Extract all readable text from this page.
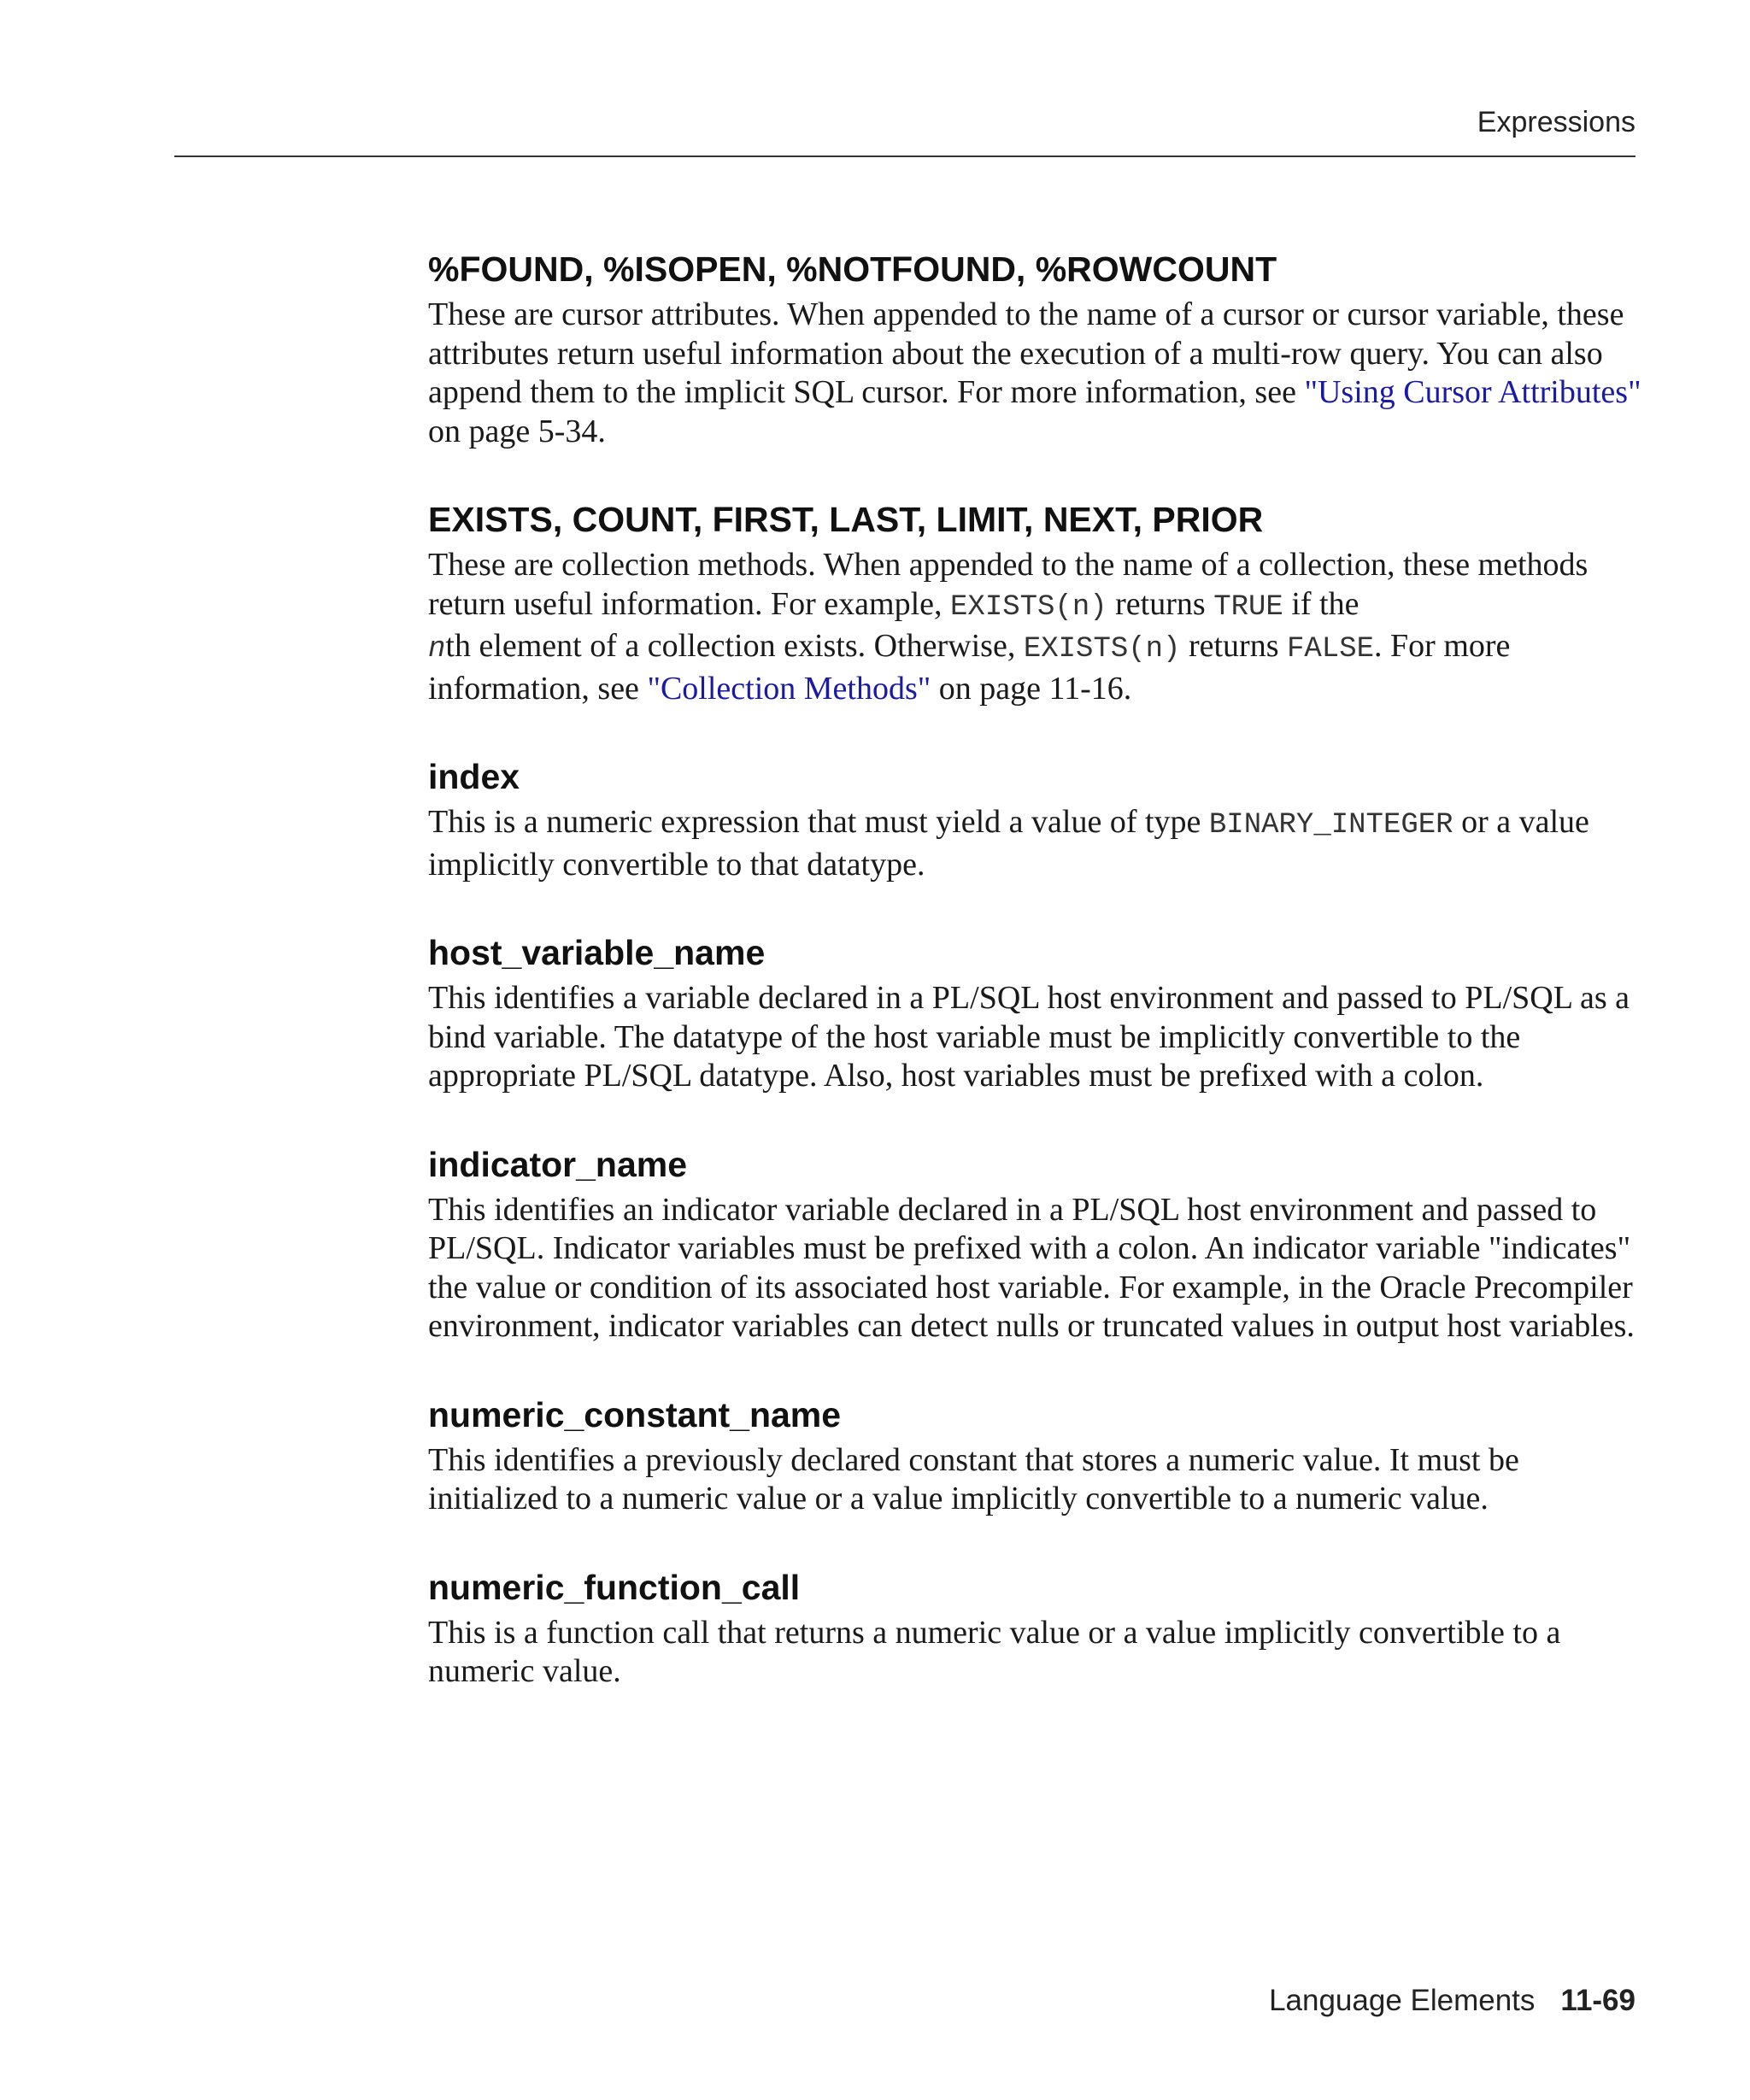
Expressions
%FOUND, %ISOPEN, %NOTFOUND, %ROWCOUNT

These are cursor attributes. When appended to the name of a cursor or cursor variable, these attributes return useful information about the execution of a multi-row query. You can also append them to the implicit SQL cursor. For more information, see "Using Cursor Attributes" on page 5-34.

EXISTS, COUNT, FIRST, LAST, LIMIT, NEXT, PRIOR

These are collection methods. When appended to the name of a collection, these methods return useful information. For example, EXISTS(n) returns TRUE if the
nth element of a collection exists. Otherwise, EXISTS(n) returns FALSE. For more information, see "Collection Methods" on page 11-16.

index

This is a numeric expression that must yield a value of type BINARY_INTEGER or a value implicitly convertible to that datatype.

host_variable_name

This identifies a variable declared in a PL/SQL host environment and passed to PL/SQL as a bind variable. The datatype of the host variable must be implicitly convertible to the appropriate PL/SQL datatype. Also, host variables must be prefixed with a colon.

indicator_name

This identifies an indicator variable declared in a PL/SQL host environment and passed to PL/SQL. Indicator variables must be prefixed with a colon. An indicator variable "indicates" the value or condition of its associated host variable. For example, in the Oracle Precompiler environment, indicator variables can detect nulls or truncated values in output host variables.

numeric_constant_name

This identifies a previously declared constant that stores a numeric value. It must be initialized to a numeric value or a value implicitly convertible to a numeric value.

numeric_function_call

This is a function call that returns a numeric value or a value implicitly convertible to a numeric value.

Language Elements 11-69
